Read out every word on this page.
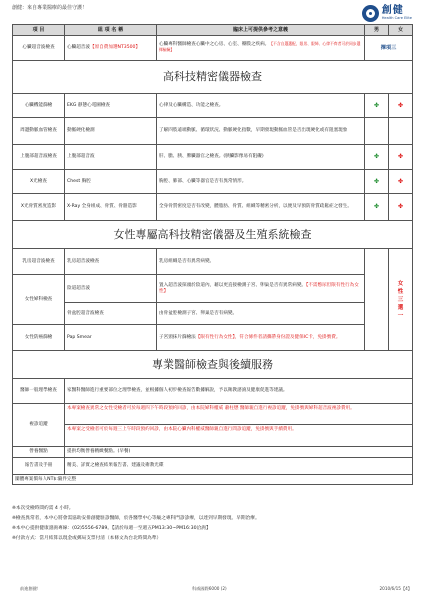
創健：來自專業醫療的最佳守護！	創健
Health Care Elite
項 目	組 項 名 稱	臨床上可提供參考之意義	男	女
心臟超音波檢查	心臟超音波【原自費加選NT3500】	心臟專科醫師檢查心臟中之心房、心室、瓣膜之疾病。【不含自選選配，限男、限婦、心律不齊者可於同步選擇檢驗】	擇項三	
高科技精密儀器檢查				
心臟機能篩檢	EKG 靜態心電圖檢查	心律及心臟構造、功能之檢查。	✤	✤
周邊動脈血管檢查	動脈硬化檢測	了解四肢遠端動脈、循環狀況、動脈硬化指數，早期發現動脈血管是否出現硬化或有阻塞現象		
上腹部超音波檢查	上腹部超音波	肝、膽、胰、脾臟器官之檢查。(胰臟影像易有阻礙)	✤	✤
X光檢查	Chest 胸腔	胸腔、肺部、心臟等器官是否有異常情形。	✤	✤
X光骨質密度造影	X-Ray 全身組成、骨質、骨骼造影	全身骨質密度是否有改變，體脂肪、骨質、組織等精密分析，以便及早預防骨質疏鬆症之發生。	✤	✤
女性專屬高科技精密儀器及生殖系統檢查				
乳房超音波檢查	乳房超音波檢查	乳房組織是否有異常病變。		女性三選一
女性婦科檢查	陰道超音波	置入超音波探頭於陰道內，藉以更直接檢測子宮、卵巢是否有異常病變。【不需憋尿但限有性行為女性】		
	骨盆腔超音波檢查	由骨盆腔檢測子宮、卵巢是否有病變。		
女性防癌篩檢	Pap Smear	子宮頸抹片篩檢法【限有性行為女性】，符合條件者請攜帶身份證及健保IC卡，免掛號費。		
專業醫師檢查與後續服務				
醫師一般理學檢查	家醫科醫師進行重要部位之理學檢查，並根據個人初步檢查報告數據解說，予以衛教諮詢及健康促進等建議。			
複診追蹤	本專案檢查異常之女性受檢者可於每週四下午時段預約回診，由本院婦科權威 蕭柱懋 醫師親自進行複診追蹤，免掛號與婦科超音波複診費用。
本專案之受檢者可於每週三上午時段預約回診，由本院心臟內科權威醫師親自進行問診追蹤，免掛號與手續費用。			

營養醫點	提供均衡營養精緻餐點。(早餐)			
報告書及手冊	精美、詳實之檢查結果報告書、建議及衛教光碟			
團體專案價每人NT$:隨件完整				

※本次受檢時間約需 4 小時。

※檢查異常者，本中心將會需協助安排創健駐診醫師，於各醫學中心等級之專科門診診療，以達到早期發現、早期治療。

※本中心提供健康諮詢專線：(02)5556-6789。【請於每週一至週五PM13:30~PM16:30洽詢】

※付款方式：當月結算以現金或郵局支票付清（本條文為台北時間為準）

前進創健！	科威國際6000 (2)	2010/6/15【4】
